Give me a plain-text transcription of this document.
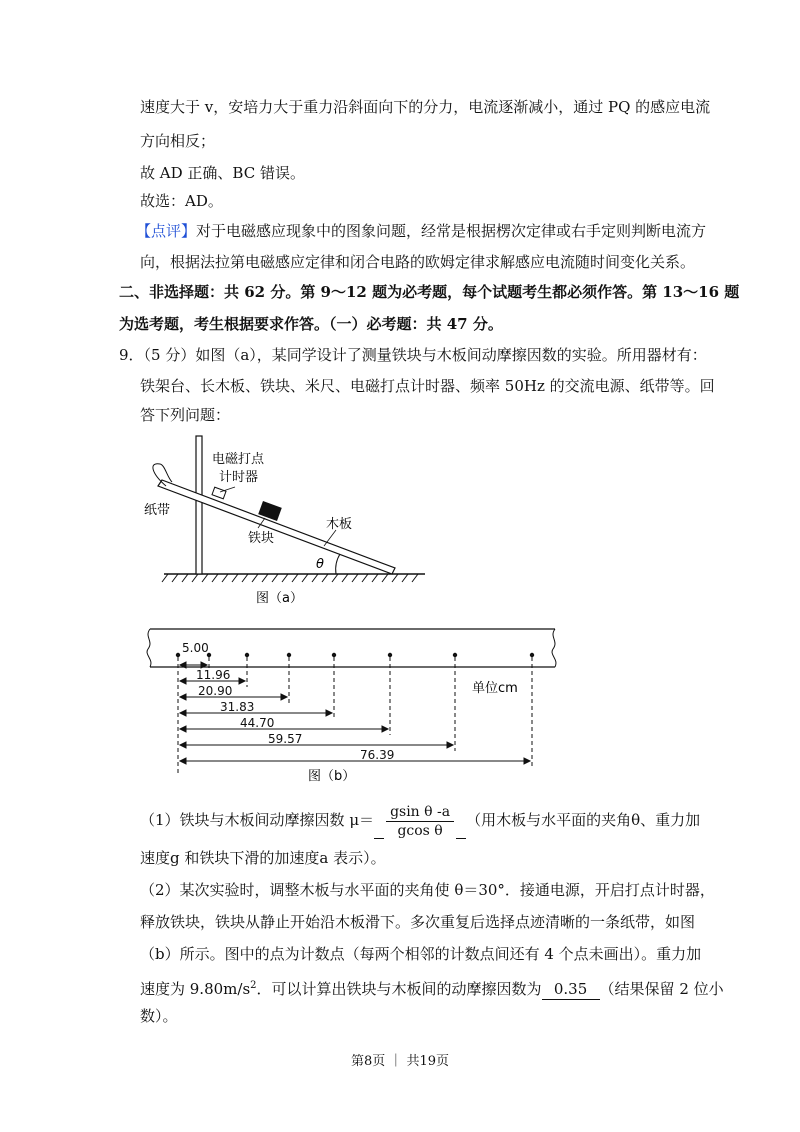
速度大于 v，安培力大于重力沿斜面向下的分力，电流逐渐减小，通过 PQ 的感应电流
方向相反；
故 AD 正确、BC 错误。
故选：AD。
【点评】对于电磁感应现象中的图象问题，经常是根据楞次定律或右手定则判断电流方
向，根据法拉第电磁感应定律和闭合电路的欧姆定律求解感应电流随时间变化关系。
二、非选择题：共 62 分。第 9～12 题为必考题，每个试题考生都必须作答。第 13～16 题
为选考题，考生根据要求作答。（一）必考题：共 47 分。
9．（5 分）如图（a），某同学设计了测量铁块与木板间动摩擦因数的实验。所用器材有：
铁架台、长木板、铁块、米尺、电磁打点计时器、频率 50Hz 的交流电源、纸带等。回
答下列问题：
电磁打点
计时器
纸带
铁块
木板
θ
图（a）
5.00
11.96
20.90
31.83
44.70
59.57
76.39
单位cm
图（b）
（1）铁块与木板间动摩擦因数 $\mu= \frac{\text{gsin θ -a}}{\text{gcos θ}}$ （用木板与水平面的夹角θ、重力加
速度g 和铁块下滑的加速度a 表示）。
（2）某次实验时，调整木板与水平面的夹角使 θ＝30°．接通电源，开启打点计时器，
释放铁块，铁块从静止开始沿木板滑下。多次重复后选择点迹清晰的一条纸带，如图
（b）所示。图中的点为计数点（每两个相邻的计数点间还有 4 个点未画出）。重力加
速度为 $9.80m/s^2$．可以计算出铁块与木板间的动摩擦因数为 0.35 （结果保留 2 位小
数）。
第8页 ｜ 共19页
